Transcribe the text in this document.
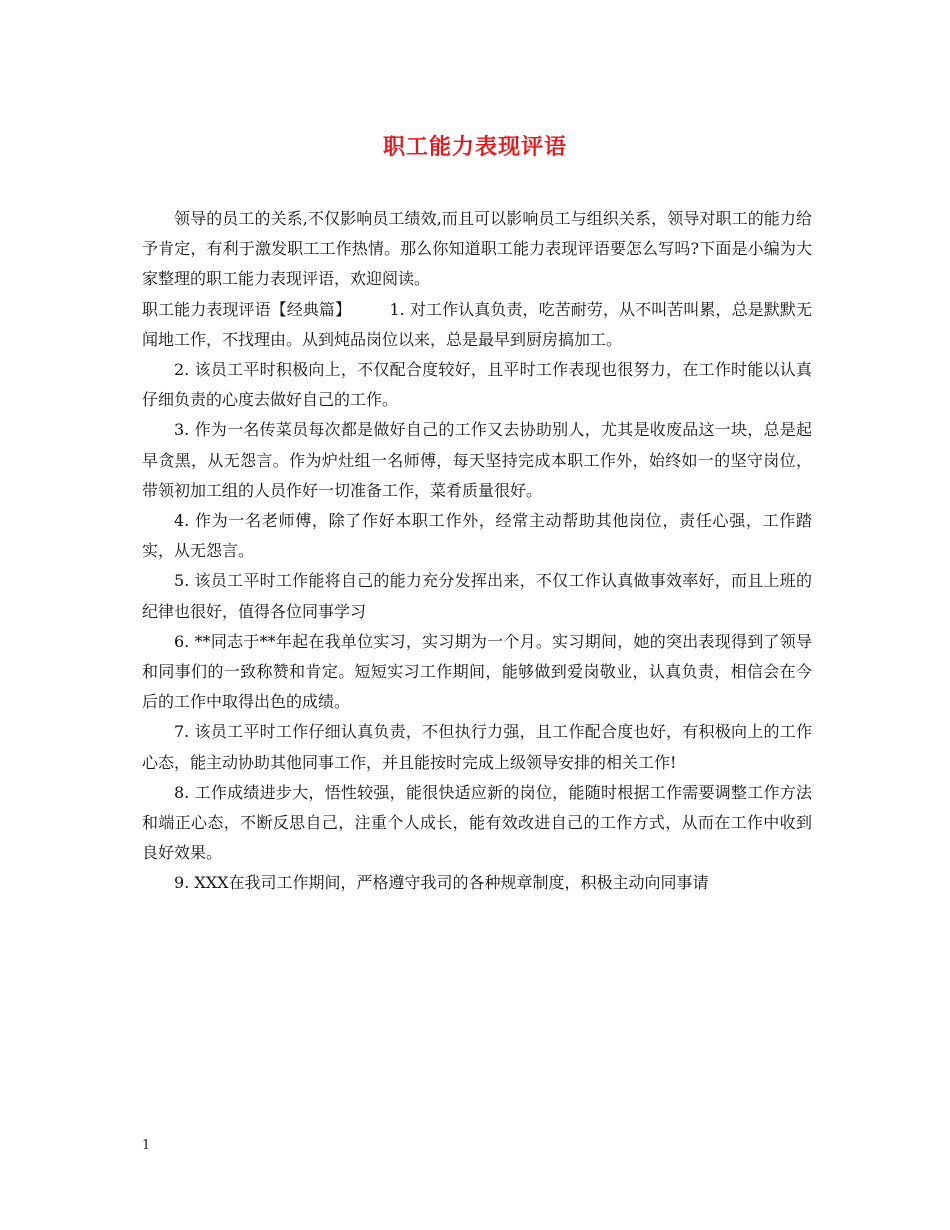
职工能力表现评语

领导的员工的关系,不仅影响员工绩效,而且可以影响员工与组织关系，领导对职工的能力给予肯定，有利于激发职工工作热情。那么你知道职工能力表现评语要怎么写吗?下面是小编为大家整理的职工能力表现评语，欢迎阅读。

职工能力表现评语【经典篇】 1. 对工作认真负责，吃苦耐劳，从不叫苦叫累，总是默默无闻地工作，不找理由。从到炖品岗位以来，总是最早到厨房搞加工。

2. 该员工平时积极向上，不仅配合度较好，且平时工作表现也很努力，在工作时能以认真仔细负责的心度去做好自己的工作。

3. 作为一名传菜员每次都是做好自己的工作又去协助别人，尤其是收废品这一块，总是起早贪黑，从无怨言。作为炉灶组一名师傅，每天坚持完成本职工作外，始终如一的坚守岗位，带领初加工组的人员作好一切准备工作，菜肴质量很好。

4. 作为一名老师傅，除了作好本职工作外，经常主动帮助其他岗位，责任心强，工作踏实，从无怨言。

5. 该员工平时工作能将自己的能力充分发挥出来，不仅工作认真做事效率好，而且上班的纪律也很好，值得各位同事学习

6. **同志于**年起在我单位实习，实习期为一个月。实习期间，她的突出表现得到了领导和同事们的一致称赞和肯定。短短实习工作期间，能够做到爱岗敬业，认真负责，相信会在今后的工作中取得出色的成绩。

7. 该员工平时工作仔细认真负责，不但执行力强，且工作配合度也好，有积极向上的工作心态，能主动协助其他同事工作，并且能按时完成上级领导安排的相关工作!

8. 工作成绩进步大，悟性较强，能很快适应新的岗位，能随时根据工作需要调整工作方法和端正心态，不断反思自己，注重个人成长，能有效改进自己的工作方式，从而在工作中收到良好效果。

9. XXX在我司工作期间，严格遵守我司的各种规章制度，积极主动向同事请

1
